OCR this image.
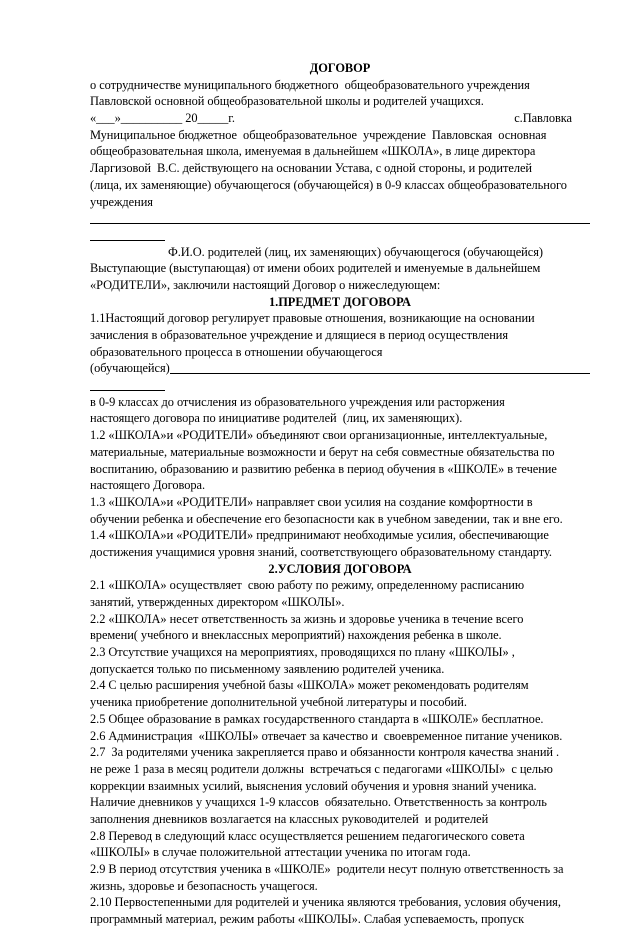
ДОГОВОР
о сотрудничестве муниципального бюджетного  общеобразовательного учреждения
Павловской основной общеобразовательной школы и родителей учащихся.
«___»__________ 20_____г.	с.Павловка
Муниципальное бюджетное  общеобразовательное  учреждение  Павловская  основная
общеобразовательная школа, именуемая в дальнейшем «ШКОЛА», в лице директора
Ларгизовой  В.С. действующего на основании Устава, с одной стороны, и родителей
(лица, их заменяющие) обучающегося (обучающейся) в 0-9 классах общеобразовательного
учреждения
Ф.И.О. родителей (лиц, их заменяющих) обучающегося (обучающейся)
Выступающие (выступающая) от имени обоих родителей и именуемые в дальнейшем
«РОДИТЕЛИ», заключили настоящий Договор о нижеследующем:
1.ПРЕДМЕТ ДОГОВОРА
1.1Настоящий договор регулирует правовые отношения, возникающие на основании
зачисления в образовательное учреждение и длящиеся в период осуществления
образовательного процесса в отношении обучающегося
(обучающейся)
в 0-9 классах до отчисления из образовательного учреждения или расторжения
настоящего договора по инициативе родителей  (лиц, их заменяющих).
1.2 «ШКОЛА»и «РОДИТЕЛИ» объединяют свои организационные, интеллектуальные,
материальные, материальные возможности и берут на себя совместные обязательства по
воспитанию, образованию и развитию ребенка в период обучения в «ШКОЛЕ» в течение
настоящего Договора.
1.3 «ШКОЛА»и «РОДИТЕЛИ» направляет свои усилия на создание комфортности в
обучении ребенка и обеспечение его безопасности как в учебном заведении, так и вне его.
1.4 «ШКОЛА»и «РОДИТЕЛИ» предпринимают необходимые усилия, обеспечивающие
достижения учащимися уровня знаний, соответствующего образовательному стандарту.
2.УСЛОВИЯ ДОГОВОРА
2.1 «ШКОЛА» осуществляет  свою работу по режиму, определенному расписанию
занятий, утвержденных директором «ШКОЛЫ».
2.2 «ШКОЛА» несет ответственность за жизнь и здоровье ученика в течение всего
времени( учебного и внеклассных мероприятий) нахождения ребенка в школе.
2.3 Отсутствие учащихся на мероприятиях, проводящихся по плану «ШКОЛЫ» ,
допускается только по письменному заявлению родителей ученика.
2.4 С целью расширения учебной базы «ШКОЛА» может рекомендовать родителям
ученика приобретение дополнительной учебной литературы и пособий.
2.5 Общее образование в рамках государственного стандарта в «ШКОЛЕ» бесплатное.
2.6 Администрация  «ШКОЛЫ» отвечает за качество и  своевременное питание учеников.
2.7  За родителями ученика закрепляется право и обязанности контроля качества знаний .
не реже 1 раза в месяц родители должны  встречаться с педагогами «ШКОЛЫ»  с целью
коррекции взаимных усилий, выяснения условий обучения и уровня знаний ученика.
Наличие дневников у учащихся 1-9 классов  обязательно. Ответственность за контроль
заполнения дневников возлагается на классных руководителей  и родителей
2.8 Перевод в следующий класс осуществляется решением педагогического совета
«ШКОЛЫ» в случае положительной аттестации ученика по итогам года.
2.9 В период отсутствия ученика в «ШКОЛЕ»  родители несут полную ответственность за
жизнь, здоровье и безопасность учащегося.
2.10 Первостепенными для родителей и ученика являются требования, условия обучения,
программный материал, режим работы «ШКОЛЫ». Слабая успеваемость, пропуск
